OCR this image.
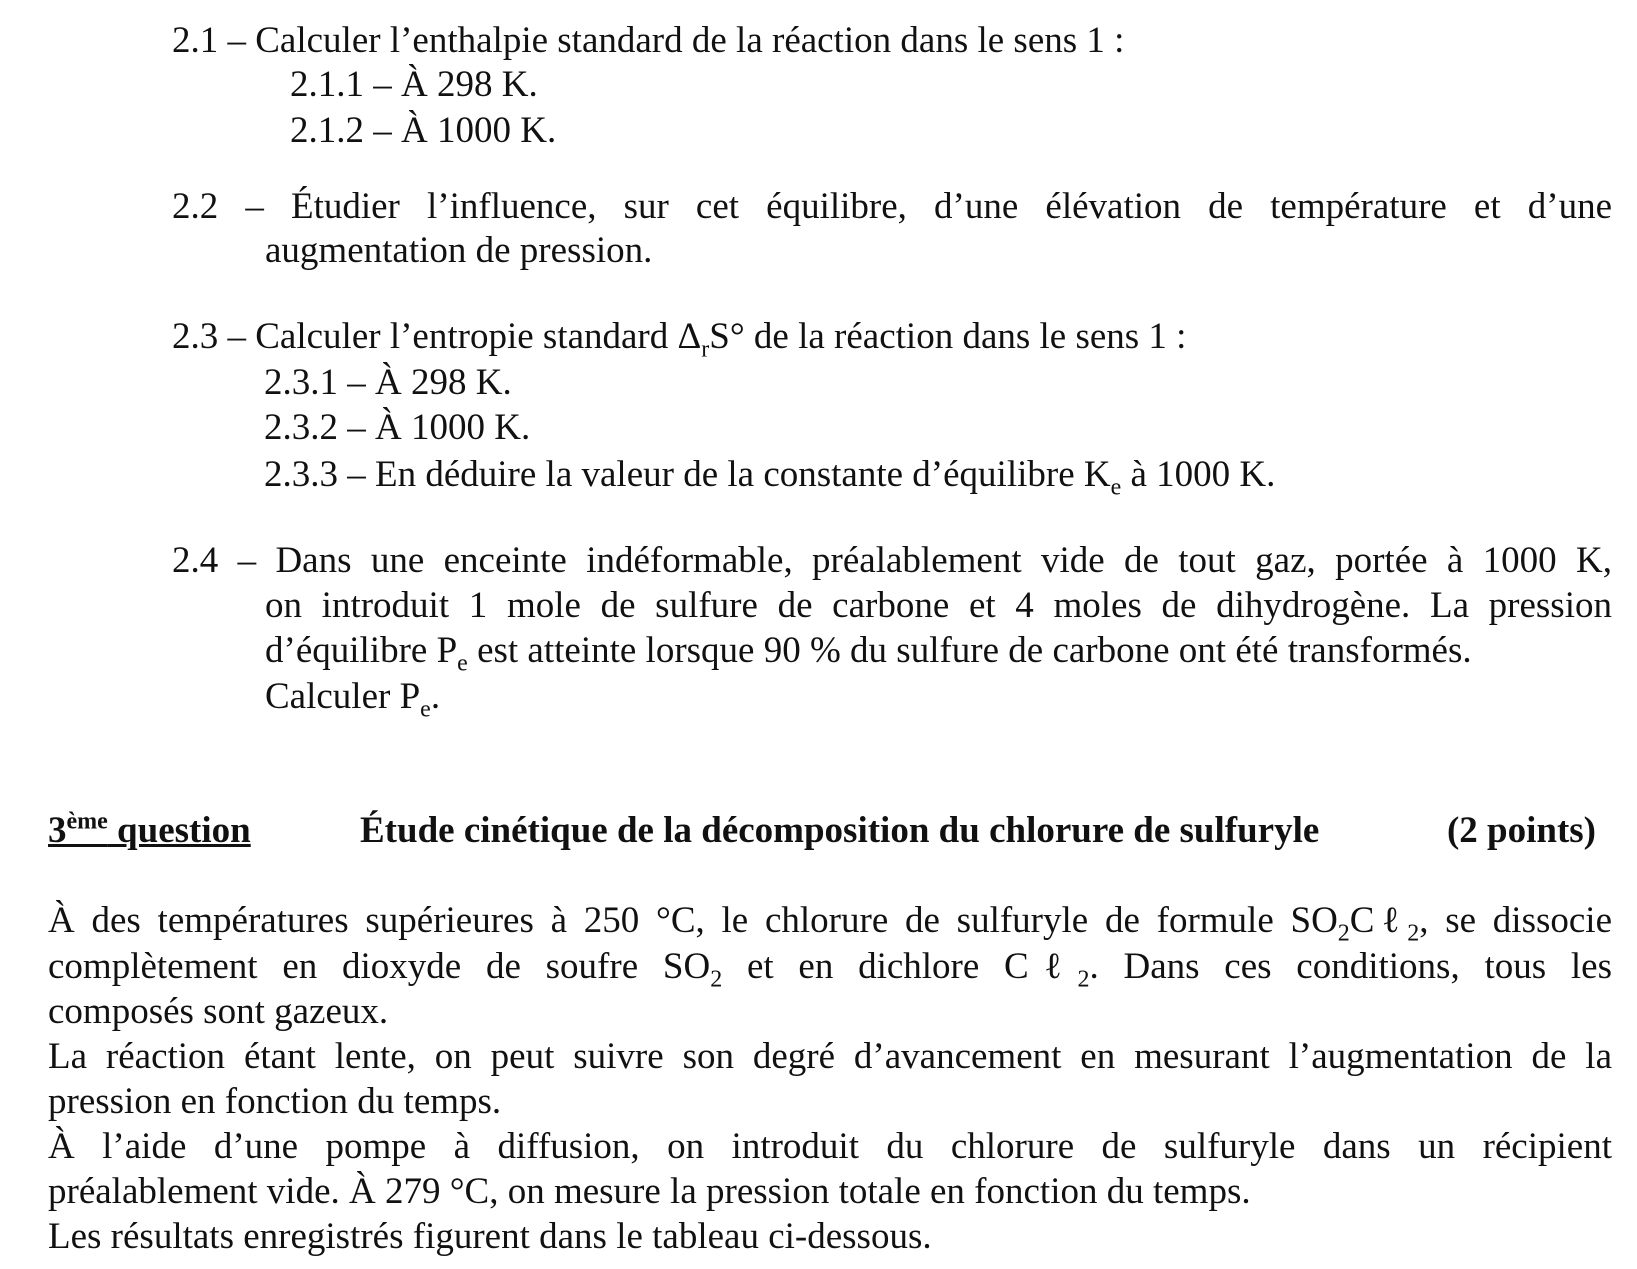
2.1 – Calculer l’enthalpie standard de la réaction dans le sens 1 :

2.1.1 – À 298 K.

2.1.2 – À 1000 K.

2.2 – Étudier l’influence, sur cet équilibre, d’une élévation de température et d’une

augmentation de pression.

2.3 – Calculer l’entropie standard $\Delta_rS^\circ$ de la réaction dans le sens 1 :

2.3.1 – À 298 K.

2.3.2 – À 1000 K.

2.3.3 – En déduire la valeur de la constante d’équilibre $K_e$ à 1000 K.

2.4 – Dans une enceinte indéformable, préalablement vide de tout gaz, portée à 1000 K,

on introduit 1 mole de sulfure de carbone et 4 moles de dihydrogène. La pression

d’équilibre $P_e$ est atteinte lorsque 90 % du sulfure de carbone ont été transformés.

Calculer $P_e$.

3ème question	Étude cinétique de la décomposition du chlorure de sulfuryle	(2 points)

À des températures supérieures à 250 °C, le chlorure de sulfuryle de formule $SO_2C\ell_2$, se dissocie

complètement en dioxyde de soufre $SO_2$ et en dichlore Cℓ$_2$. Dans ces conditions, tous les

composés sont gazeux.

La réaction étant lente, on peut suivre son degré d’avancement en mesurant l’augmentation de la

pression en fonction du temps.

À l’aide d’une pompe à diffusion, on introduit du chlorure de sulfuryle dans un récipient

préalablement vide. À 279 °C, on mesure la pression totale en fonction du temps.

Les résultats enregistrés figurent dans le tableau ci-dessous.
